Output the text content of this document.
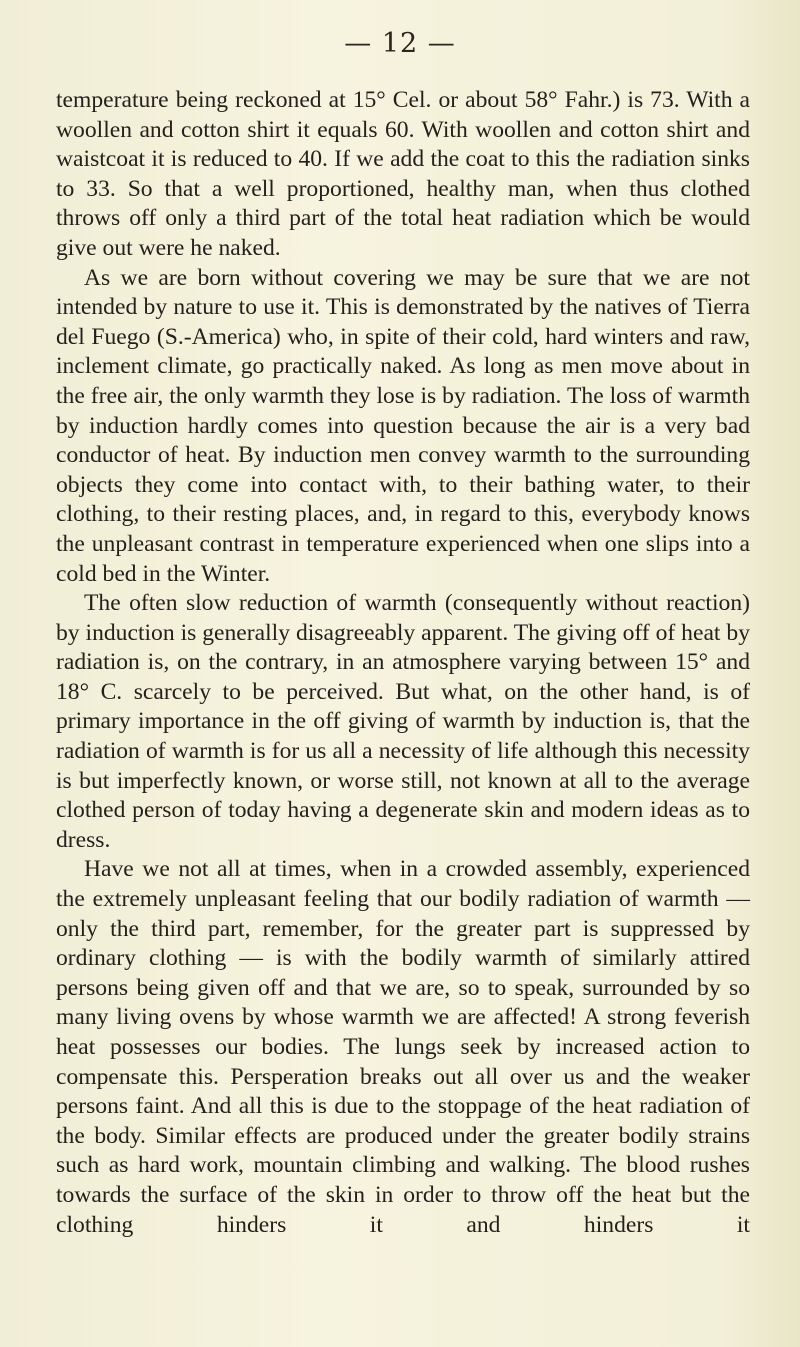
— 12 —

temperature being reckoned at 15° Cel. or about 58° Fahr.) is 73. With a woollen and cotton shirt it equals 60. With woollen and cotton shirt and waistcoat it is reduced to 40. If we add the coat to this the radiation sinks to 33. So that a well proportioned, healthy man, when thus clothed throws off only a third part of the total heat radiation which be would give out were he naked.

As we are born without covering we may be sure that we are not intended by nature to use it. This is demonstrated by the natives of Tierra del Fuego (S.-America) who, in spite of their cold, hard winters and raw, inclement climate, go practically naked. As long as men move about in the free air, the only warmth they lose is by radiation. The loss of warmth by induction hardly comes into question because the air is a very bad conductor of heat. By induction men convey warmth to the surrounding objects they come into contact with, to their bathing water, to their clothing, to their resting places, and, in regard to this, everybody knows the unpleasant contrast in temperature experienced when one slips into a cold bed in the Winter.

The often slow reduction of warmth (consequently without reaction) by induction is generally disagreeably apparent. The giving off of heat by radiation is, on the contrary, in an atmosphere varying between 15° and 18° C. scarcely to be perceived. But what, on the other hand, is of primary importance in the off giving of warmth by induction is, that the radiation of warmth is for us all a necessity of life although this necessity is but imperfectly known, or worse still, not known at all to the average clothed person of today having a degenerate skin and modern ideas as to dress.

Have we not all at times, when in a crowded assembly, experienced the extremely unpleasant feeling that our bodily radiation of warmth — only the third part, remember, for the greater part is suppressed by ordinary clothing — is with the bodily warmth of similarly attired persons being given off and that we are, so to speak, surrounded by so many living ovens by whose warmth we are affected! A strong feverish heat possesses our bodies. The lungs seek by increased action to compensate this. Persperation breaks out all over us and the weaker persons faint. And all this is due to the stoppage of the heat radiation of the body. Similar effects are produced under the greater bodily strains such as hard work, mountain climbing and walking. The blood rushes towards the surface of the skin in order to throw off the heat but the clothing hinders it and hinders it
